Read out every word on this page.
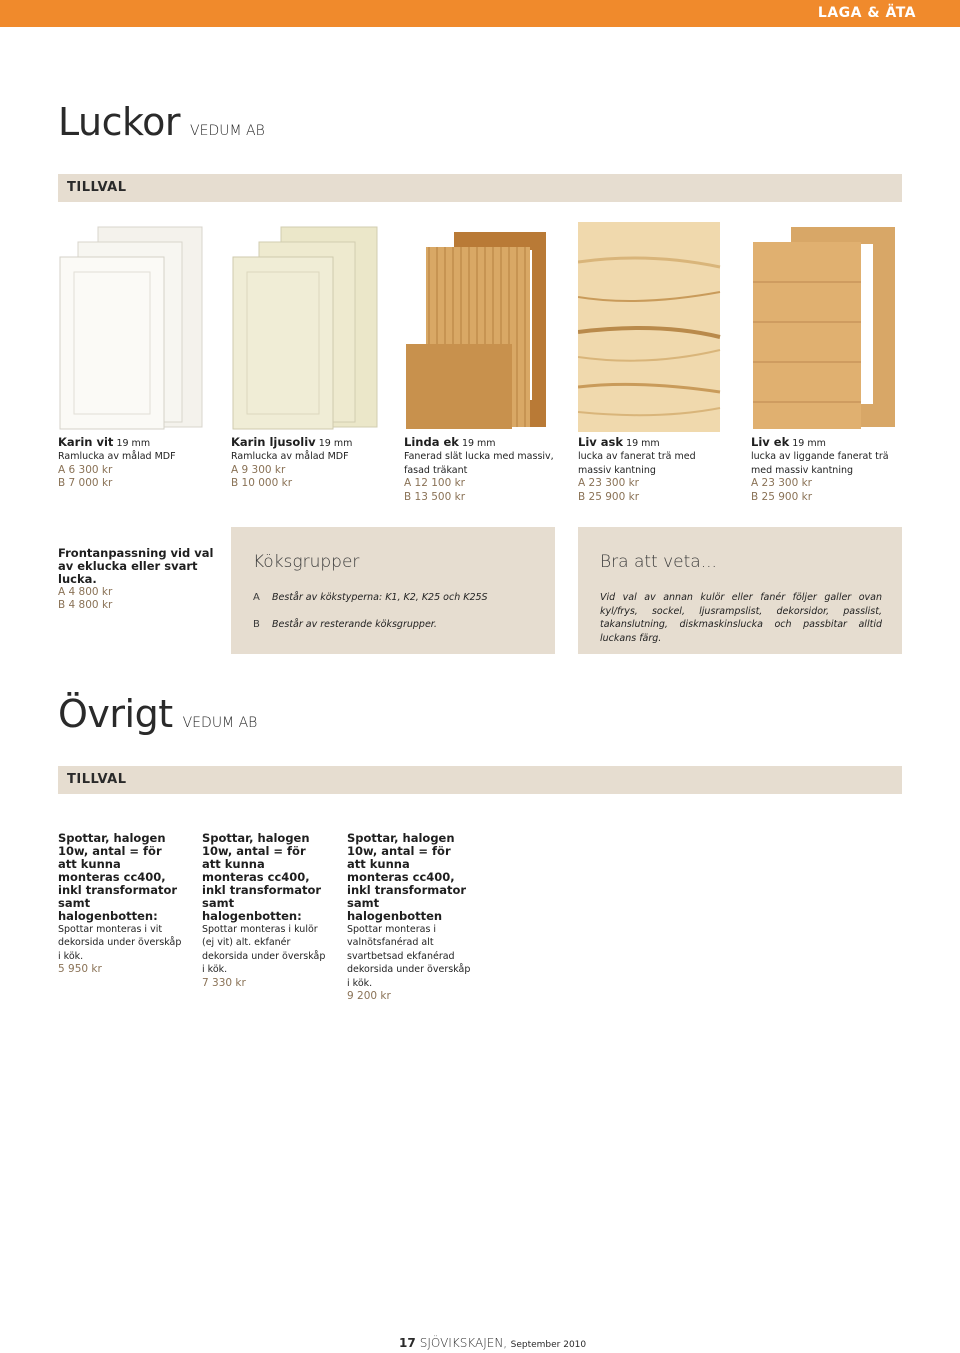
LAGA & ÄTA
Luckor VEDUM AB
TILLVAL
Karin vit 19 mm
Ramlucka av målad MDF
A 6 300 kr
B 7 000 kr
Karin ljusoliv 19 mm
Ramlucka av målad MDF
A 9 300 kr
B 10 000 kr
Linda ek 19 mm
Fanerad slät lucka med massiv, fasad träkant
A 12 100 kr
B 13 500 kr
Liv ask 19 mm
lucka av fanerat trä med massiv kantning
A 23 300 kr
B 25 900 kr
Liv ek 19 mm
lucka av liggande fanerat trä med massiv kantning
A 23 300 kr
B 25 900 kr
Frontanpassning vid val av eklucka eller svart lucka.
A 4 800 kr
B 4 800 kr
Köksgrupper
A Består av kökstyperna: K1, K2, K25 och K25S
B Består av resterande köksgrupper.
Bra att veta...
Vid val av annan kulör eller fanér följer galler ovan kyl/frys, sockel, ljusrampslist, dekorsidor, passlist, takanslutning, diskmaskinslucka och passbitar alltid luckans färg.
Övrigt VEDUM AB
TILLVAL
Spottar, halogen 10w, antal = för att kunna monteras cc400, inkl transformator samt halogenbotten:
Spottar monteras i vit dekorsida under överskåp i kök.
5 950 kr
Spottar, halogen 10w, antal = för att kunna monteras cc400, inkl transformator samt halogenbotten:
Spottar monteras i kulör (ej vit) alt. ekfanér dekorsida under överskåp i kök.
7 330 kr
Spottar, halogen 10w, antal = för att kunna monteras cc400, inkl transformator samt halogenbotten
Spottar monteras i valnötsfanérad alt svartbetsad ekfanérad dekorsida under överskåp i kök.
9 200 kr
17 SJÖVIKSKAJEN, September 2010
